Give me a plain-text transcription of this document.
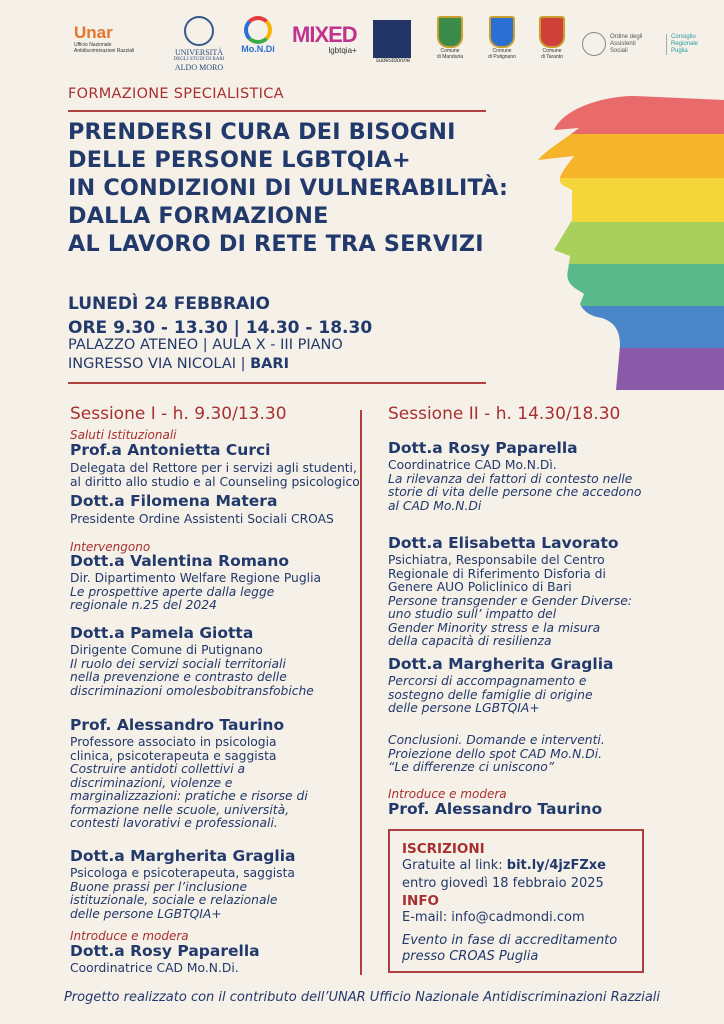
Unar
Ufficio Nazionale
Antidiscriminazioni Razziali	UNIVERSITÀ
DEGLI STUDI DI BARI
ALDO MORO
Mo.N.Di
MIXED
lgbtqia+
sudestdonne
Comune
di Manduria
Comune
di Putignano
Comune
di Taranto
Ordine degli Assistenti Sociali
Consiglio Regionale Puglia
FORMAZIONE SPECIALISTICA
PRENDERSI CURA DEI BISOGNI
DELLE PERSONE LGBTQIA+
IN CONDIZIONI DI VULNERABILITÀ:
DALLA FORMAZIONE
AL LAVORO DI RETE TRA SERVIZI
LUNEDÌ 24 FEBBRAIO
ORE 9.30 - 13.30 | 14.30 - 18.30
PALAZZO ATENEO | AULA X - III PIANO
INGRESSO VIA NICOLAI | BARI
Sessione I - h. 9.30/13.30
Saluti Istituzionali
Prof.a Antonietta Curci
Delegata del Rettore per i servizi agli studenti,
al diritto allo studio e al Counseling psicologico
Dott.a Filomena Matera
Presidente Ordine Assistenti Sociali CROAS
Intervengono
Dott.a Valentina Romano
Dir. Dipartimento Welfare Regione Puglia
Le prospettive aperte dalla legge
regionale n.25 del 2024
Dott.a Pamela Giotta
Dirigente Comune di Putignano
Il ruolo dei servizi sociali territoriali
nella prevenzione e contrasto delle
discriminazioni omolesbobitransfobiche
Prof. Alessandro Taurino
Professore associato in psicologia
clinica, psicoterapeuta e saggista
Costruire antidoti collettivi a
discriminazioni, violenze e
marginalizzazioni: pratiche e risorse di
formazione nelle scuole, università,
contesti lavorativi e professionali.
Dott.a Margherita Graglia
Psicologa e psicoterapeuta, saggista
Buone prassi per l’inclusione
istituzionale, sociale e relazionale
delle persone LGBTQIA+
Introduce e modera
Dott.a Rosy Paparella
Coordinatrice CAD Mo.N.Di.
Sessione II - h. 14.30/18.30
Dott.a Rosy Paparella
Coordinatrice CAD Mo.N.Dì.
La rilevanza dei fattori di contesto nelle
storie di vita delle persone che accedono
al CAD Mo.N.Di
Dott.a Elisabetta Lavorato
Psichiatra, Responsabile del Centro
Regionale di Riferimento Disforia di
Genere AUO Policlinico di Bari
Persone transgender e Gender Diverse:
uno studio sull’ impatto del
Gender Minority stress e la misura
della capacità di resilienza
Dott.a Margherita Graglia
Percorsi di accompagnamento e
sostegno delle famiglie di origine
delle persone LGBTQIA+
Conclusioni. Domande e interventi.
Proiezione dello spot CAD Mo.N.Di.
“Le differenze ci uniscono”
Introduce e modera
Prof. Alessandro Taurino
ISCRIZIONI
Gratuite al link: bit.ly/4jzFZxe
entro giovedì 18 febbraio 2025
INFO
E-mail: info@cadmondi.com
Evento in fase di accreditamento
presso CROAS Puglia
Progetto realizzato con il contributo dell’UNAR Ufficio Nazionale Antidiscriminazioni Razziali
